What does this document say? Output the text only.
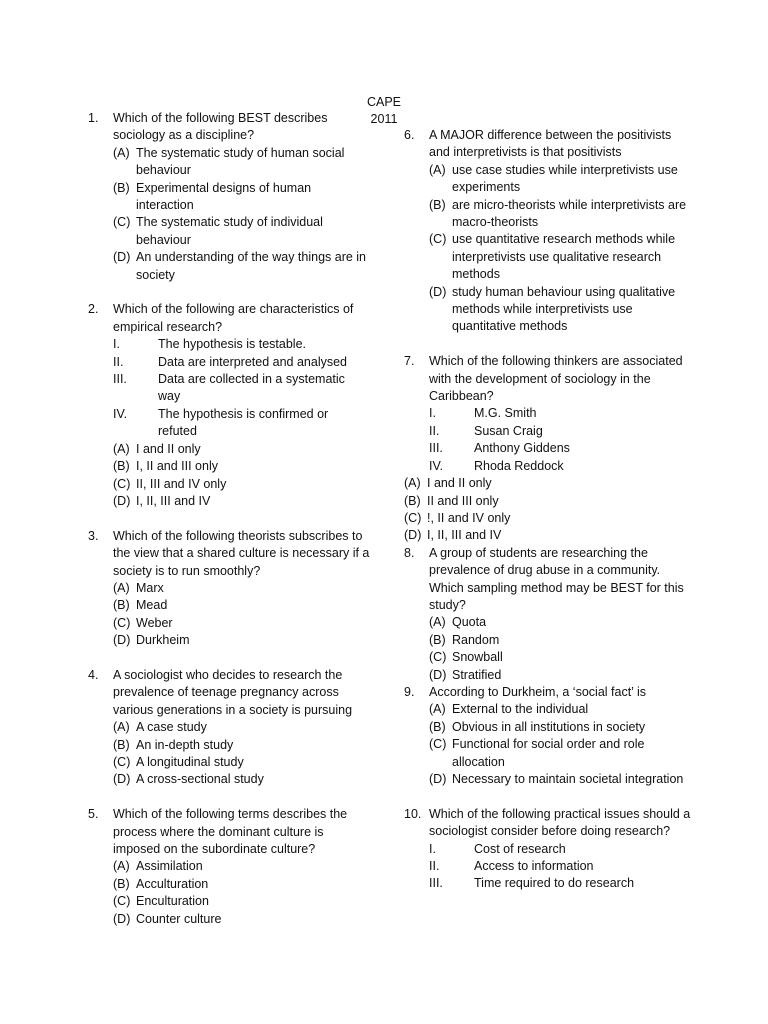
CAPE 2011
1. Which of the following BEST describes sociology as a discipline?
(A) The systematic study of human social behaviour
(B) Experimental designs of human interaction
(C) The systematic study of individual behaviour
(D) An understanding of the way things are in society
2. Which of the following are characteristics of empirical research?
I.	The hypothesis is testable.
II.	Data are interpreted and analysed
III. Data are collected in a systematic way
IV. The hypothesis is confirmed or refuted
(A) I and II only
(B) I, II and III only
(C) II, III and IV only
(D) I, II, III and IV
3. Which of the following theorists subscribes to the view that a shared culture is necessary if a society is to run smoothly?
(A) Marx
(B) Mead
(C) Weber
(D) Durkheim
4. A sociologist who decides to research the prevalence of teenage pregnancy across various generations in a society is pursuing
(A) A case study
(B) An in-depth study
(C) A longitudinal study
(D) A cross-sectional study
5. Which of the following terms describes the process where the dominant culture is imposed on the subordinate culture?
(A) Assimilation
(B) Acculturation
(C) Enculturation
(D) Counter culture
6. A MAJOR difference between the positivists and interpretivists is that positivists
(A) use case studies while interpretivists use experiments
(B) are micro-theorists while interpretivists are macro-theorists
(C) use quantitative research methods while interpretivists use qualitative research methods
(D) study human behaviour using qualitative methods while interpretivists use quantitative methods
7. Which of the following thinkers are associated with the development of sociology in the Caribbean?
I.	M.G. Smith
II.	Susan Craig
III. Anthony Giddens
IV. Rhoda Reddock
(A) I and II only
(B) II and III only
(C) !, II and IV only
(D) I, II, III and IV
8. A group of students are researching the prevalence of drug abuse in a community. Which sampling method may be BEST for this study?
(A) Quota
(B) Random
(C) Snowball
(D) Stratified
9. According to Durkheim, a ‘social fact’ is
(A) External to the individual
(B) Obvious in all institutions in society
(C) Functional for social order and role allocation
(D) Necessary to maintain societal integration
10. Which of the following practical issues should a sociologist consider before doing research?
I.	Cost of research
II.	Access to information
III. Time required to do research
